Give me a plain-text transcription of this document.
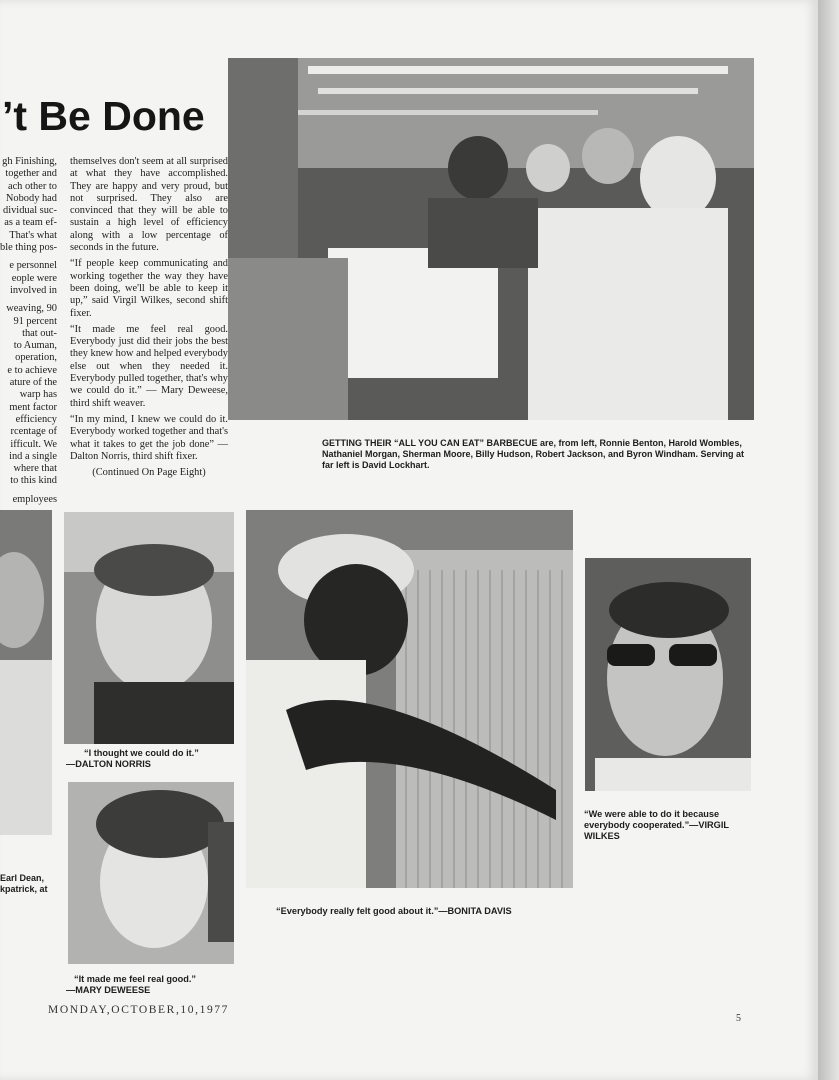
’t Be Done
gh Finishing,
together and
ach other to
Nobody had
dividual suc-
as a team ef-
That's what
ble thing pos-
e personnel
eople were
involved in
weaving, 90
91 percent
that out-
to Auman,
operation,
e to achieve
ature of the
warp has
ment factor
efficiency
rcentage of
ifficult. We
ind a single
where that
to this kind
employees

themselves don't seem at all surprised at what they have accomplished. They are happy and very proud, but not surprised. They also are convinced that they will be able to sustain a high level of efficiency along with a low percentage of seconds in the future.

“If people keep communicating and working together the way they have been doing, we'll be able to keep it up,” said Virgil Wilkes, second shift fixer.

“It made me feel real good. Everybody just did their jobs the best they knew how and helped everybody else out when they needed it. Everybody pulled together, that's why we could do it.” — Mary Deweese, third shift weaver.

“In my mind, I knew we could do it. Everybody worked together and that's what it takes to get the job done” — Dalton Norris, third shift fixer.

(Continued On Page Eight)
GETTING THEIR “ALL YOU CAN EAT” BARBECUE are, from left, Ronnie Benton, Harold Wombles, Nathaniel Morgan, Sherman Moore, Billy Hudson, Robert Jackson, and Byron Windham. Serving at far left is David Lockhart.
Earl Dean,
kpatrick, at
“I thought we could do it.”
—DALTON NORRIS
“It made me feel real good.”
—MARY DEWEESE
“Everybody really felt good about it.”—BONITA DAVIS
“We were able to do it because everybody cooperated.”—VIRGIL WILKES
MONDAY,OCTOBER,10,1977
5
